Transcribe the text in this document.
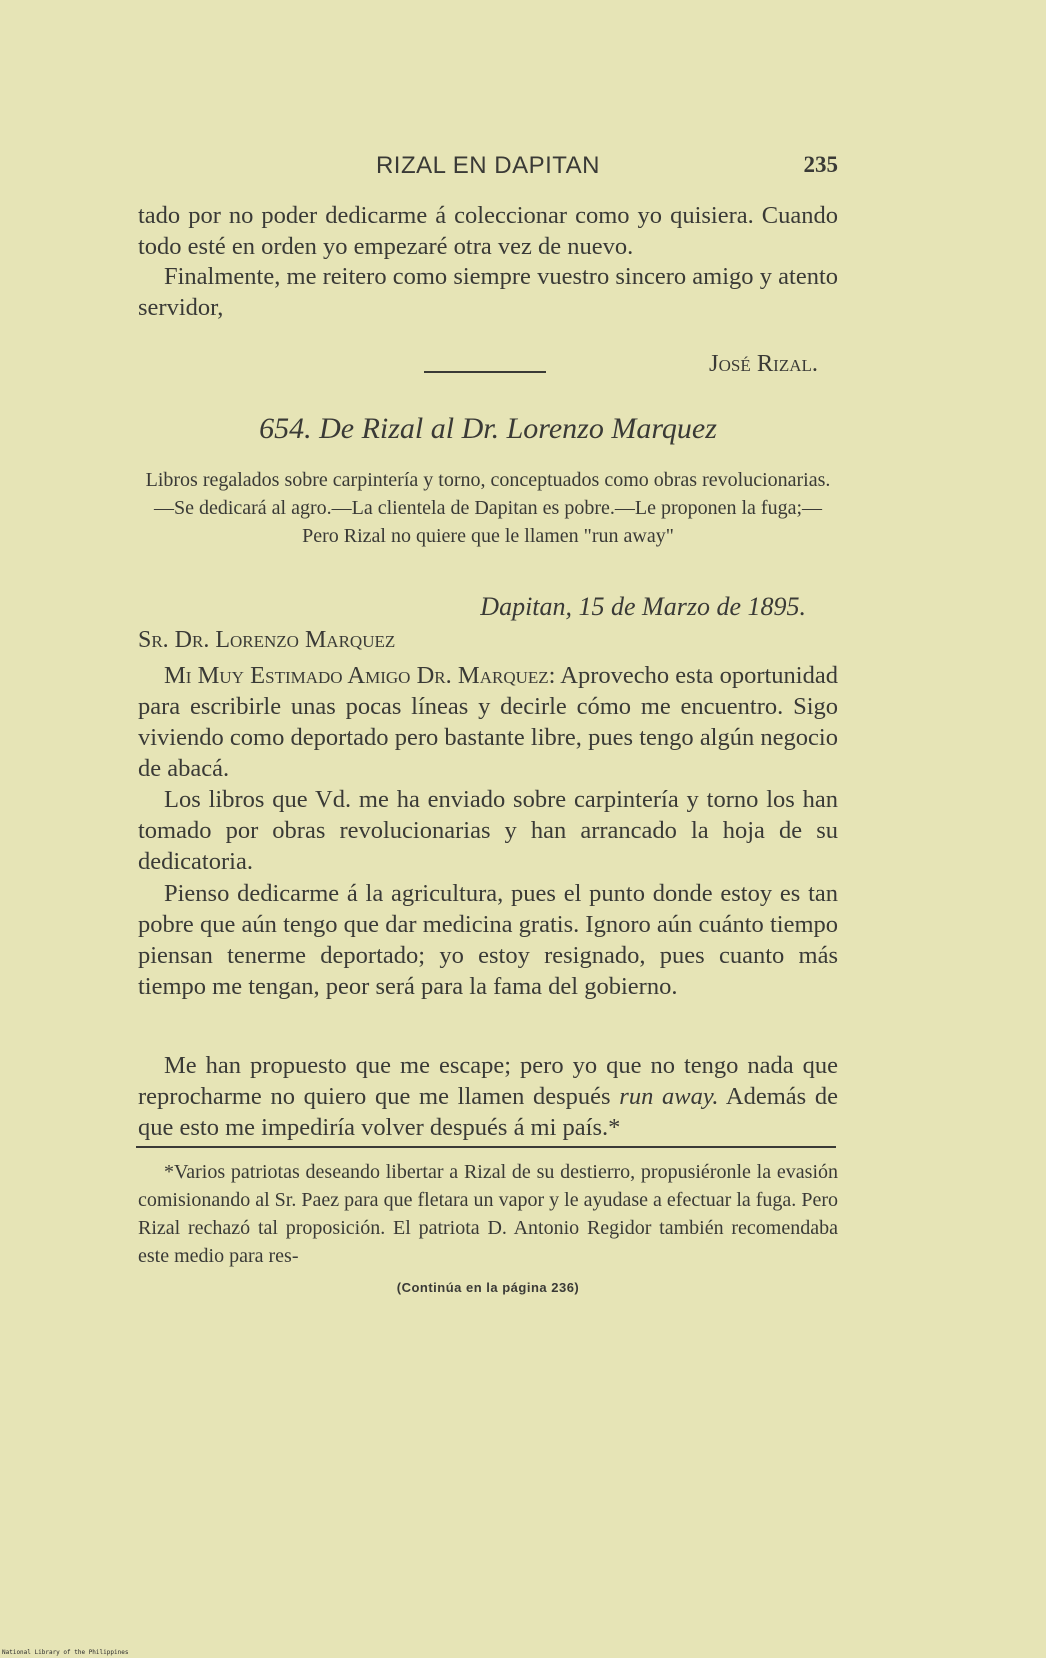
RIZAL EN DAPITAN	235

tado por no poder dedicarme á coleccionar como yo quisiera. Cuando todo esté en orden yo empezaré otra vez de nuevo.

Finalmente, me reitero como siempre vuestro sincero amigo y atento servidor,

José Rizal.
654. De Rizal al Dr. Lorenzo Marquez
Libros regalados sobre carpintería y torno, conceptuados como obras revolucionarias.—Se dedicará al agro.—La clientela de Dapitan es pobre.—Le proponen la fuga;—Pero Rizal no quiere que le llamen "run away"
Dapitan, 15 de Marzo de 1895.
Sr. Dr. Lorenzo Marquez

Mi Muy Estimado Amigo Dr. Marquez: Aprovecho esta oportunidad para escribirle unas pocas líneas y decirle cómo me encuentro. Sigo viviendo como deportado pero bastante libre, pues tengo algún negocio de abacá.

Los libros que Vd. me ha enviado sobre carpintería y torno los han tomado por obras revolucionarias y han arrancado la hoja de su dedicatoria.

Pienso dedicarme á la agricultura, pues el punto donde estoy es tan pobre que aún tengo que dar medicina gratis. Ignoro aún cuánto tiempo piensan tenerme deportado; yo estoy resignado, pues cuanto más tiempo me tengan, peor será para la fama del gobierno.

Me han propuesto que me escape; pero yo que no tengo nada que reprocharme no quiero que me llamen después run away. Además de que esto me impediría volver después á mi país.*

*Varios patriotas deseando libertar a Rizal de su destierro, propusiéronle la evasión comisionando al Sr. Paez para que fletara un vapor y le ayudase a efectuar la fuga. Pero Rizal rechazó tal proposición. El patriota D. Antonio Regidor también recomendaba este medio para res-

(Continúa en la página 236)
National Library of the Philippines
